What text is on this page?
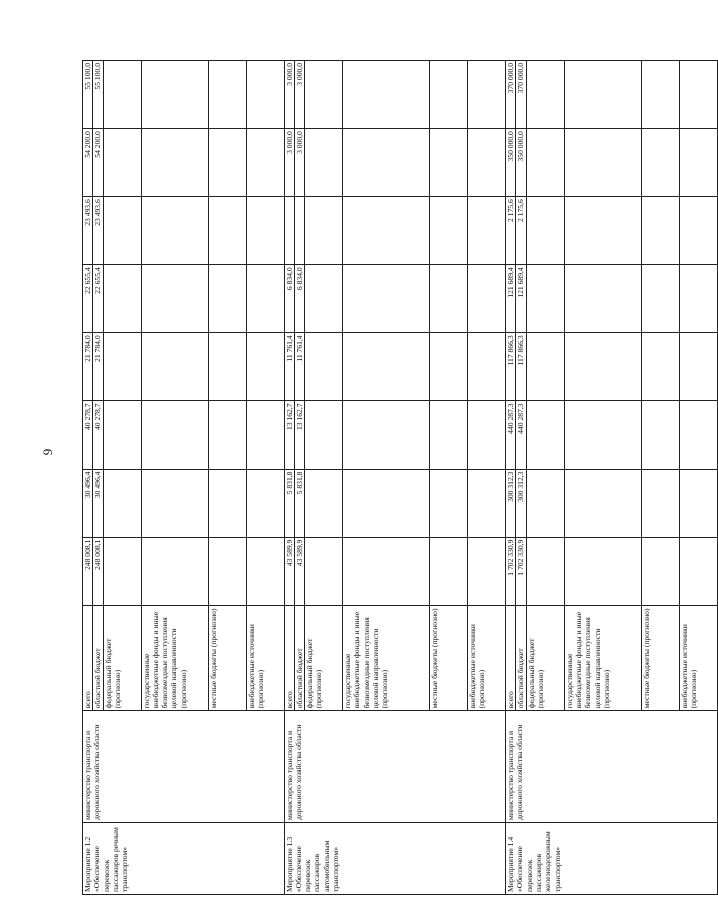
9
Мероприятие 1.2 «Обеспечение перевозок пассажиров речным транспортом»	министерство транспорта и дорожного хозяйства области	всего	248 008,1	30 496,4	40 278,7	21 784,0	22 655,4	23 493,6	54 200,0	55 100,0
		областной бюджет	248 008,1	30 496,4	40 278,7	21 784,0	22 655,4	23 493,6	54 200,0	55 100,0
		федеральный бюджет (прогнозно)								
		государственные внебюджетные фонды и иные безвозмездные поступления целевой направленности (прогнозно)								
		местные бюджеты (прогнозно)								
		внебюджетные источники (прогнозно)								
Мероприятие 1.3 «Обеспечение перевозок пассажиров автомобильным транспортом»	министерство транспорта и дорожного хозяйства области	всего	43 589,9	5 831,8	13 162,7	11 761,4	6 834,0		3 000,0	3 000,0
		областной бюджет	43 589,9	5 831,8	13 162,7	11 761,4	6 834,0		3 000,0	3 000,0
		федеральный бюджет (прогнозно)								
		государственные внебюджетные фонды и иные безвозмездные поступления целевой направленности (прогнозно)								
		местные бюджеты (прогнозно)								
		внебюджетные источники (прогнозно)								
Мероприятие 1.4 «Обеспечение перевозок пассажиров железнодорожным транспортом»	министерство транспорта и дорожного хозяйства области	всего	1 702 330,9	300 312,3	440 287,3	117 866,3	121 689,4	2 175,6	350 000,0	370 000,0
		областной бюджет	1 702 330,9	300 312,3	440 287,3	117 866,3	121 689,4	2 175,6	350 000,0	370 000,0
		федеральный бюджет (прогнозно)								
		государственные внебюджетные фонды и иные безвозмездные поступления целевой направленности (прогнозно)								
		местные бюджеты (прогнозно)								
		внебюджетные источники (прогнозно)								
